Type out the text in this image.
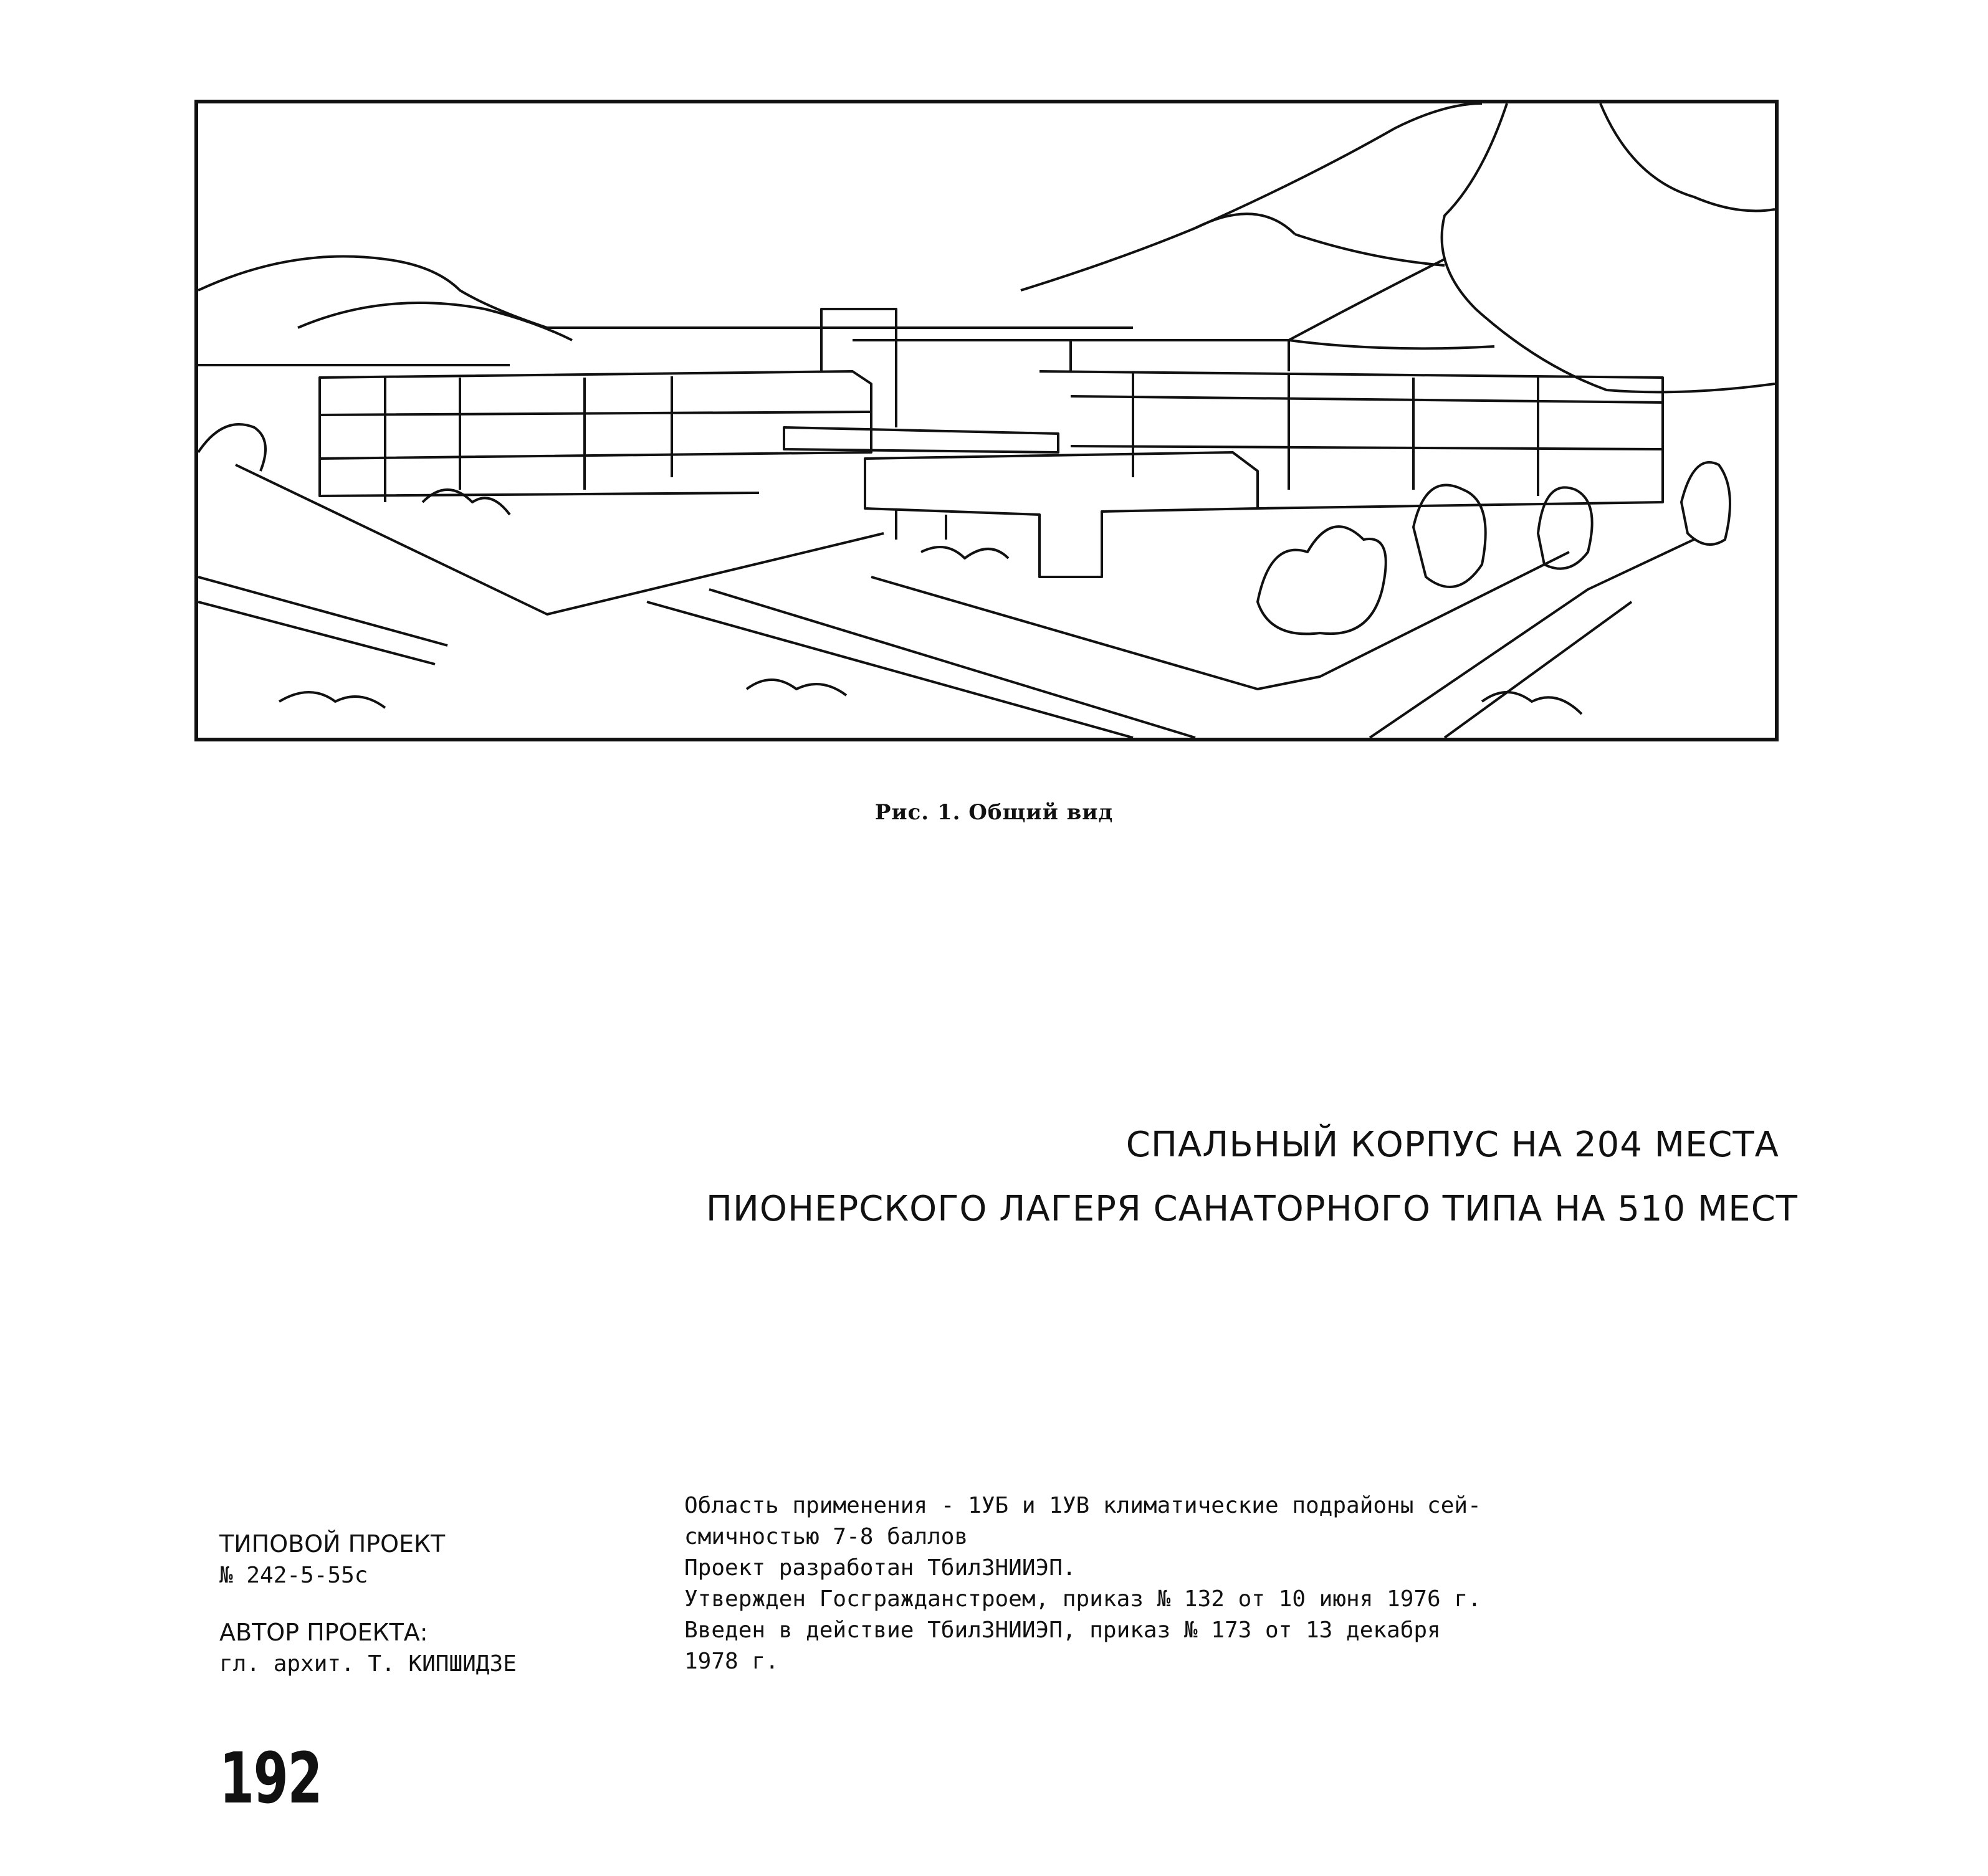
Рис. 1. Общий вид
СПАЛЬНЫЙ КОРПУС НА 204 МЕСТА
ПИОНЕРСКОГО ЛАГЕРЯ САНАТОРНОГО ТИПА НА 510 МЕСТ
ТИПОВОЙ ПРОЕКТ
№ 242-5-55с
АВТОР ПРОЕКТА:
гл. архит. Т. КИПШИДЗЕ

Область применения - 1УБ и 1УВ климатические подрайоны сей-

смичностью 7-8 баллов

Проект разработан ТбилЗНИИЭП.

Утвержден Госгражданстроем, приказ № 132 от 10 июня 1976 г.

Введен в действие ТбилЗНИИЭП, приказ № 173 от 13 декабря

1978 г.

192
